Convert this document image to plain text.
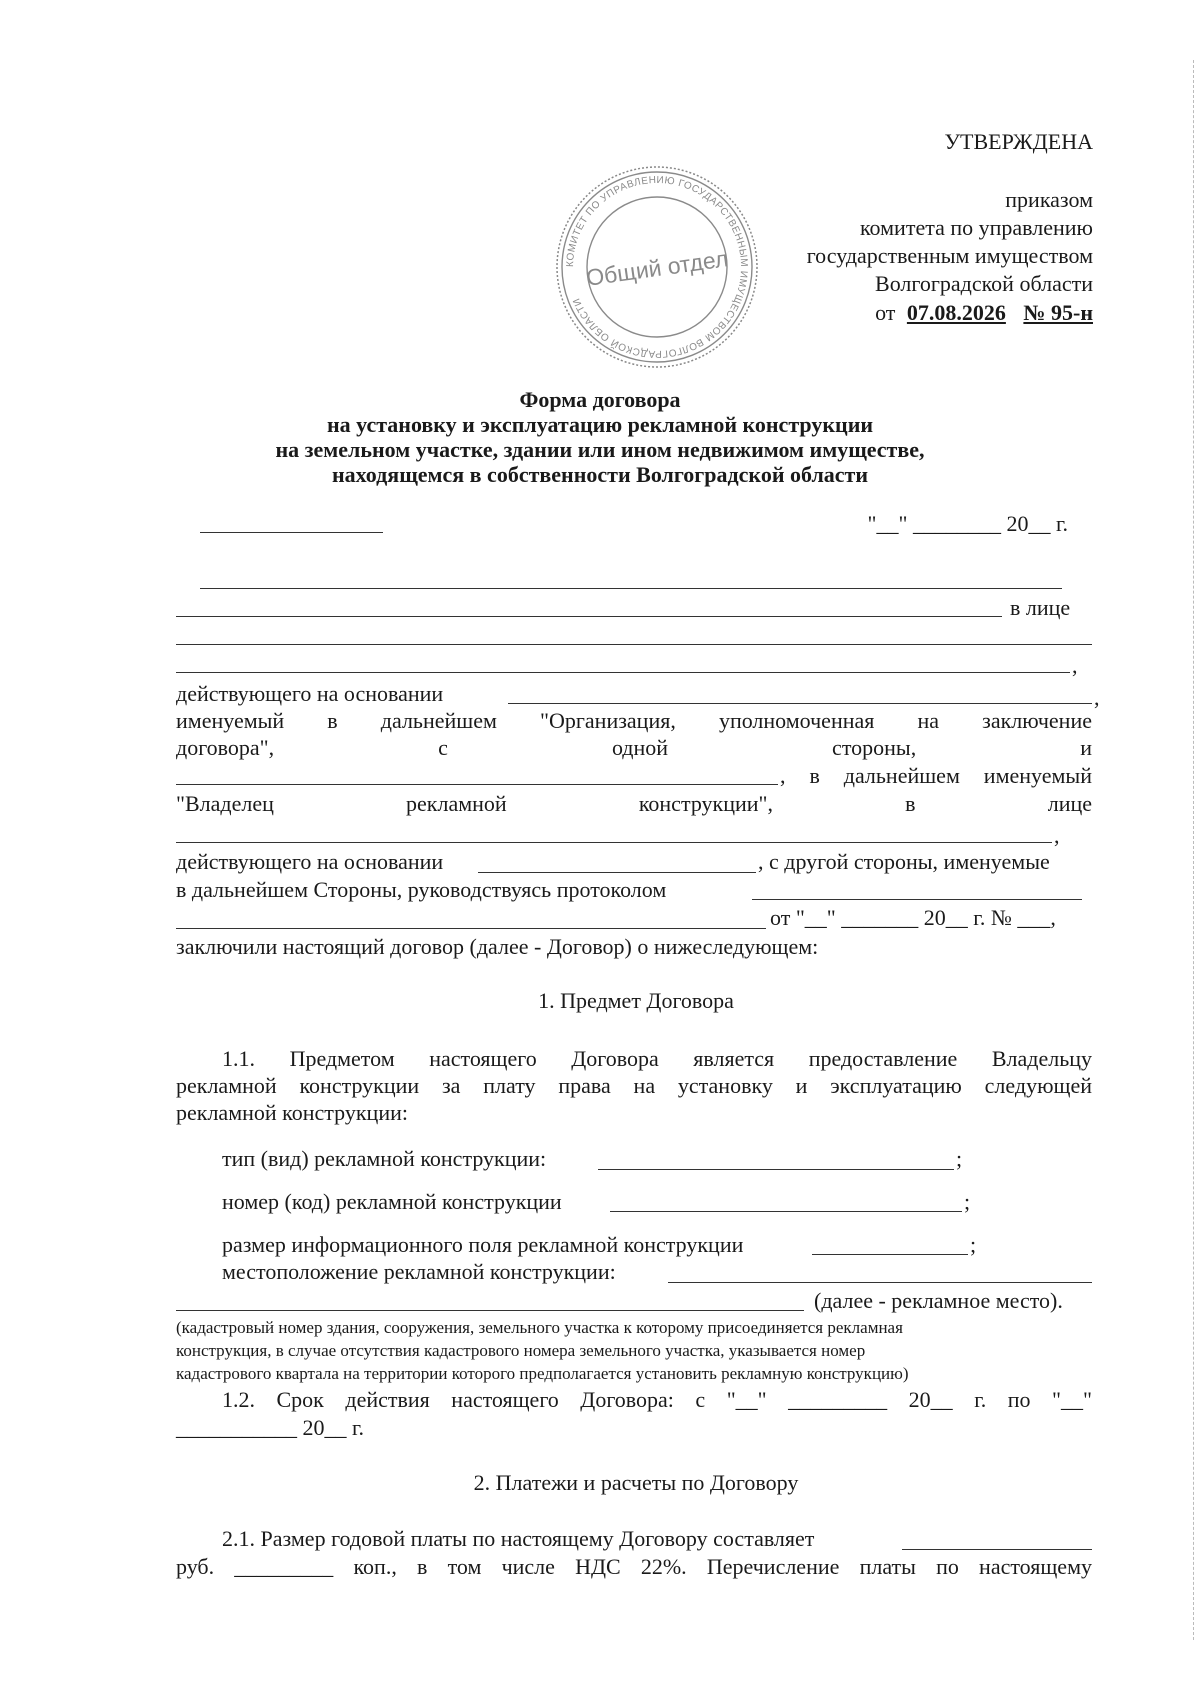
УТВЕРЖДЕНА
приказом
комитета по управлению
государственным имуществом
Волгоградской области
от 07.08.2026 № 95-н
КОМИТЕТ ПО УПРАВЛЕНИЮ ГОСУДАРСТВЕННЫМ ИМУЩЕСТВОМ ВОЛГОГРАДСКОЙ ОБЛАСТИ
Общий отдел
Форма договора
на установку и эксплуатацию рекламной конструкции
на земельном участке, здании или ином недвижимом имуществе,
находящемся в собственности Волгоградской области
"__" ________ 20__ г.
в лице
,
действующего на основании	,
именуемый в дальнейшем "Организация, уполномоченная на заключение
договора", с одной стороны, и
, в дальнейшем именуемый
"Владелец рекламной конструкции", в лице
,
действующего на основании	, с другой стороны, именуемые
в дальнейшем Стороны, руководствуясь протоколом
от "__" _______ 20__ г. № ___,
заключили настоящий договор (далее - Договор) о нижеследующем:
1. Предмет Договора
1.1. Предметом настоящего Договора является предоставление Владельцу
рекламной конструкции за плату права на установку и эксплуатацию следующей
рекламной конструкции:
тип (вид) рекламной конструкции:	;
номер (код) рекламной конструкции	;
размер информационного поля рекламной конструкции	;
местоположение рекламной конструкции:
(далее - рекламное место).
(кадастровый номер здания, сооружения, земельного участка к которому присоединяется рекламная
конструкция, в случае отсутствия кадастрового номера земельного участка, указывается номер
кадастрового квартала на территории которого предполагается установить рекламную конструкцию)
1.2. Срок действия настоящего Договора: с "__" _________ 20__ г. по "__"
___________ 20__ г.
2. Платежи и расчеты по Договору
2.1. Размер годовой платы по настоящему Договору составляет
руб. _________ коп., в том числе НДС 22%. Перечисление платы по настоящему
